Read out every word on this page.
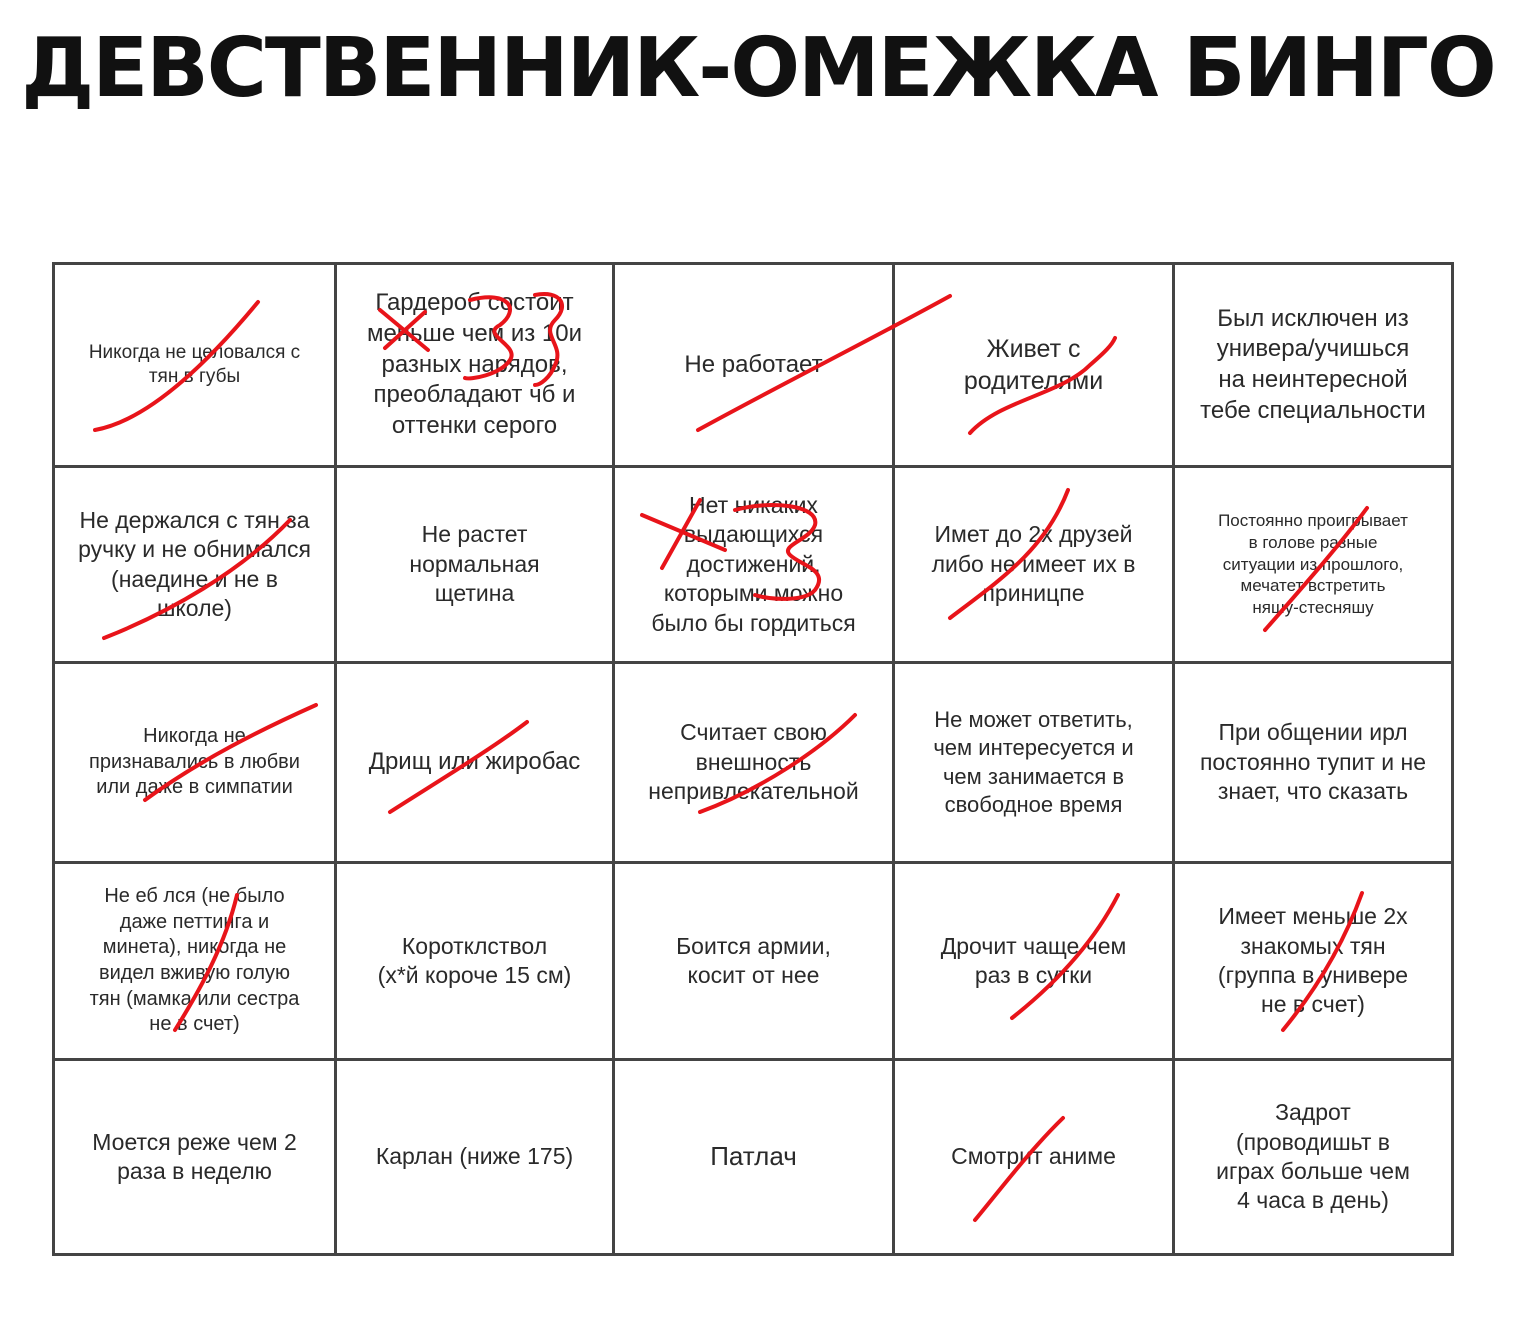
ДЕВСТВЕННИК-ОМЕЖКА БИНГО
Никогда не целовался с
тян в губы
Гардероб состоит
меньше чем из 10и
разных нарядов,
преобладают чб и
оттенки серого
Не работает
Живет с
родителями
Был исключен из
универа/учишься
на неинтересной
тебе специальности
Не держался с тян за
ручку и не обнимался
(наедине и не в
школе)
Не растет
нормальная
щетина
Нет никаких
выдающихся
достижений,
которыми можно
было бы гордиться
Имет до 2х друзей
либо не имеет их в
приницпе
Постоянно проигрывает
в голове разные
ситуации из прошлого,
мечатет встретить
няшу-стесняшу
Никогда не
признавались в любви
или даже в симпатии
Дрищ или жиробас
Считает свою
внешность
непривлекательной
Не может ответить,
чем интересуется и
чем занимается в
свободное время
При общении ирл
постоянно тупит и не
знает, что сказать
Не еб лся (не было
даже петтинга и
минета), никогда не
видел вживую голую
тян (мамка или сестра
не в счет)
Коротклствол
(х*й короче 15 см)
Боится армии,
косит от нее
Дрочит чаще чем
раз в сутки
Имеет меньше 2х
знакомых тян
(группа в универе
не в счет)
Моется реже чем 2
раза в неделю
Карлан (ниже 175)	Патлач	Смотрит аниме
Задрот
(проводишьт в
играх больше чем
4 часа в день)
